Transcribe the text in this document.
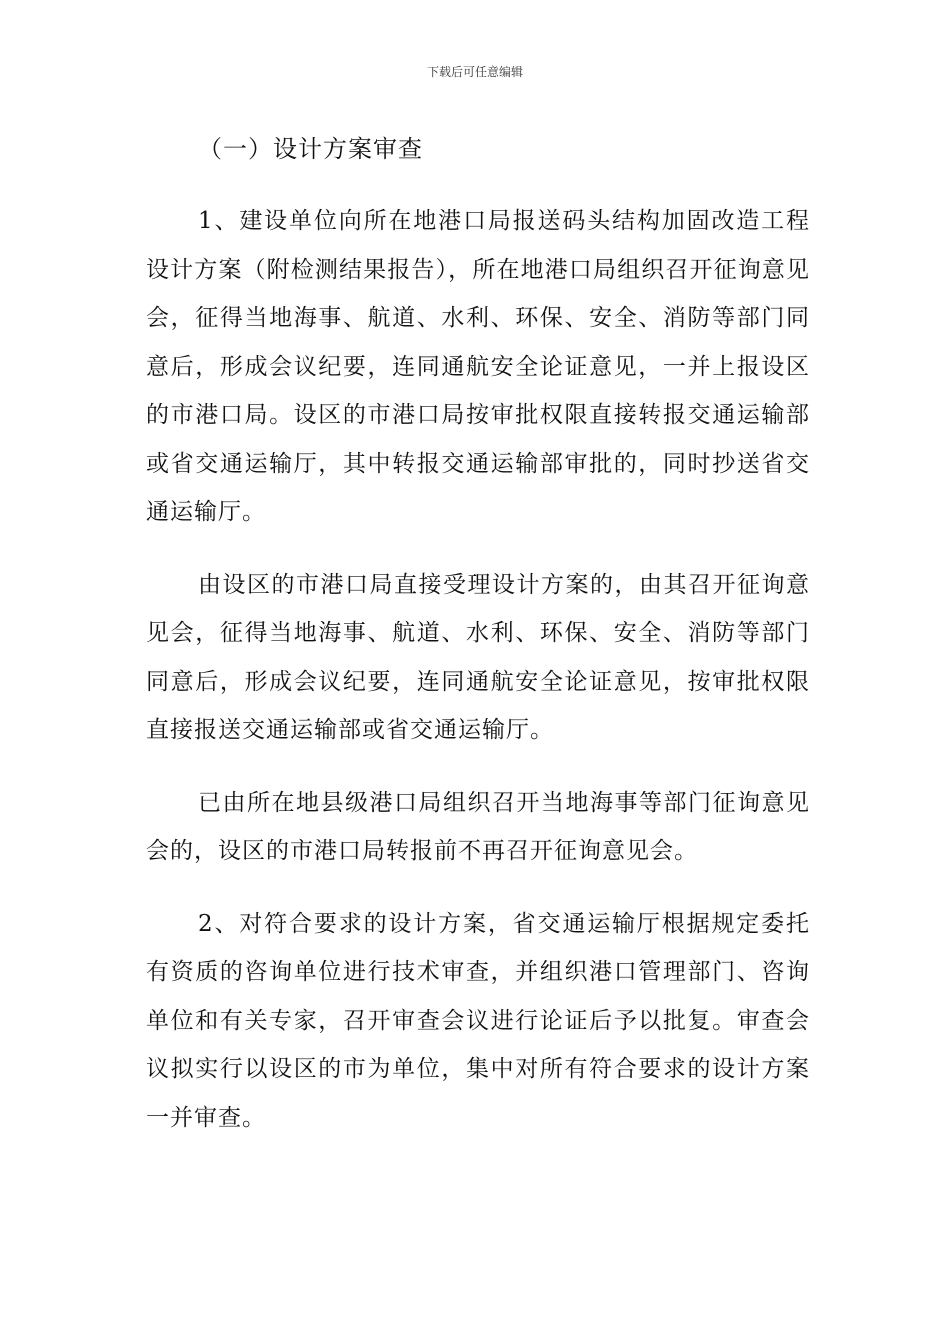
下载后可任意编辑
（一）设计方案审查

1、建设单位向所在地港口局报送码头结构加固改造工程设计方案（附检测结果报告），所在地港口局组织召开征询意见会，征得当地海事、航道、水利、环保、安全、消防等部门同意后，形成会议纪要，连同通航安全论证意见，一并上报设区的市港口局。设区的市港口局按审批权限直接转报交通运输部或省交通运输厅，其中转报交通运输部审批的，同时抄送省交通运输厅。

由设区的市港口局直接受理设计方案的，由其召开征询意见会，征得当地海事、航道、水利、环保、安全、消防等部门同意后，形成会议纪要，连同通航安全论证意见，按审批权限直接报送交通运输部或省交通运输厅。

已由所在地县级港口局组织召开当地海事等部门征询意见会的，设区的市港口局转报前不再召开征询意见会。

2、对符合要求的设计方案，省交通运输厅根据规定委托有资质的咨询单位进行技术审查，并组织港口管理部门、咨询单位和有关专家，召开审查会议进行论证后予以批复。审查会议拟实行以设区的市为单位，集中对所有符合要求的设计方案一并审查。
